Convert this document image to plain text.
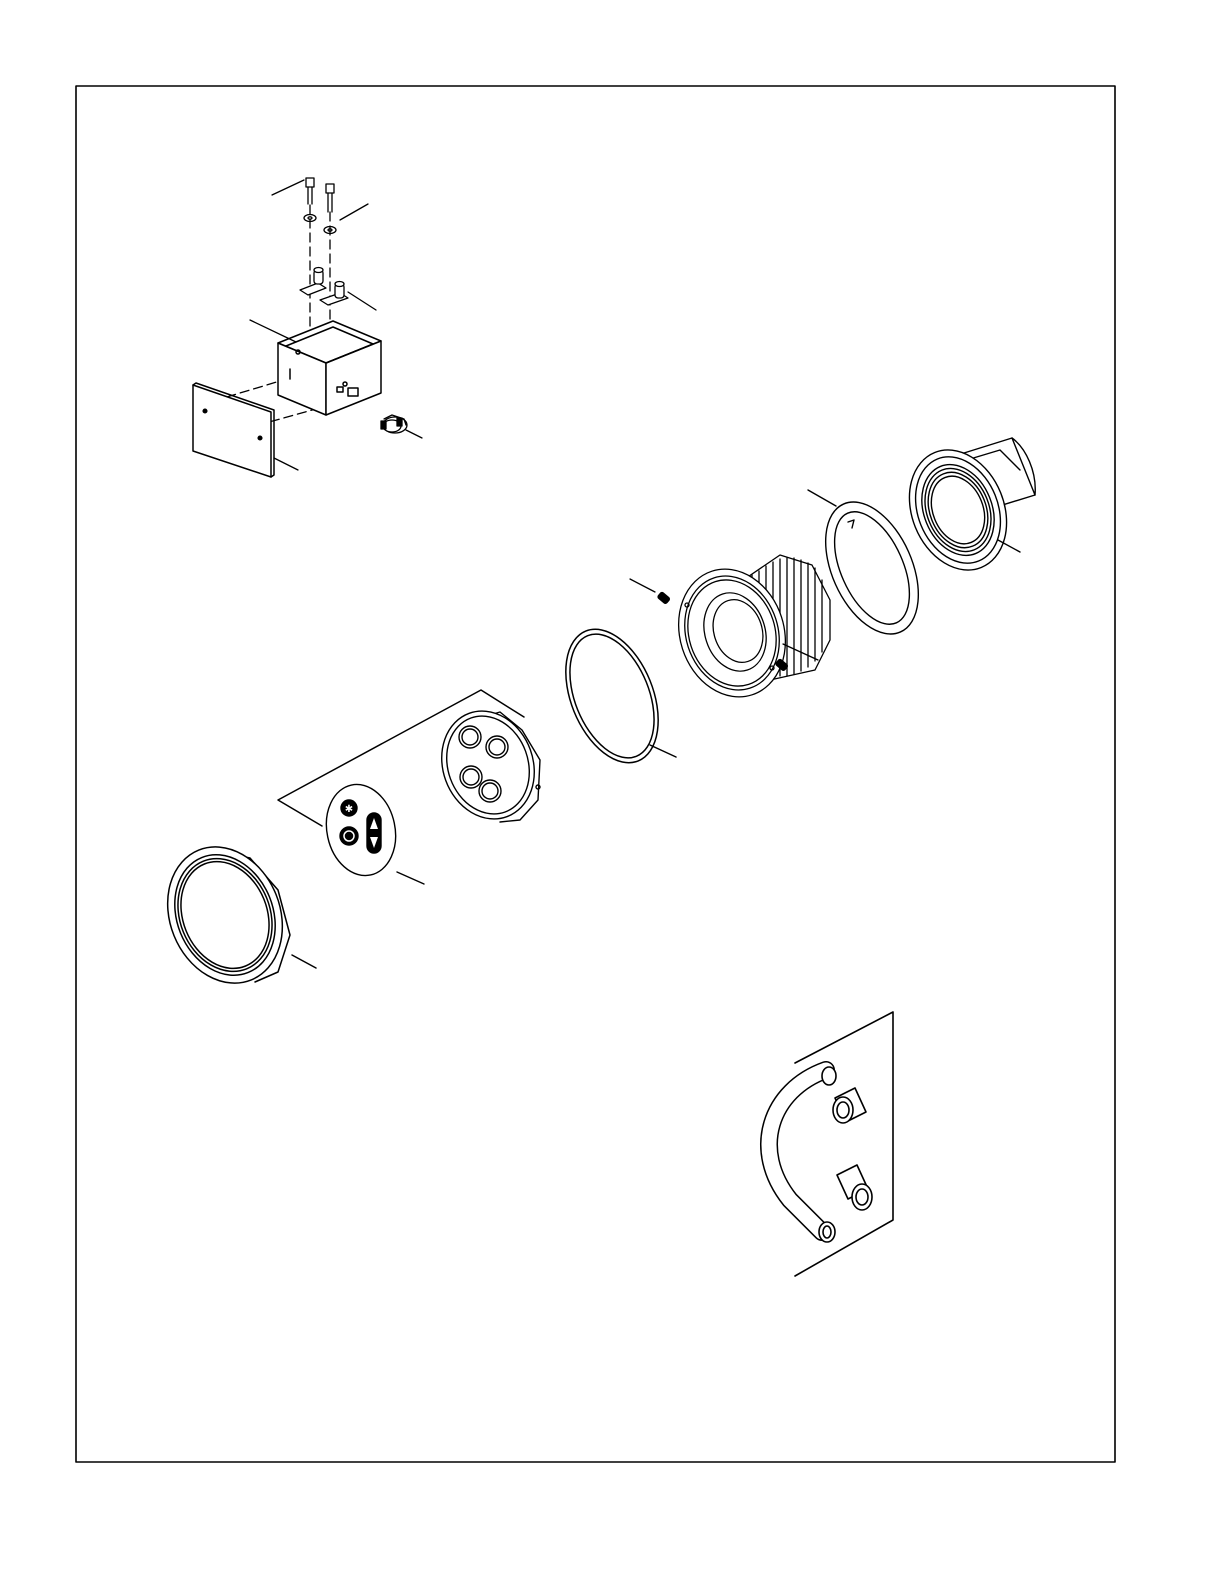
✱
